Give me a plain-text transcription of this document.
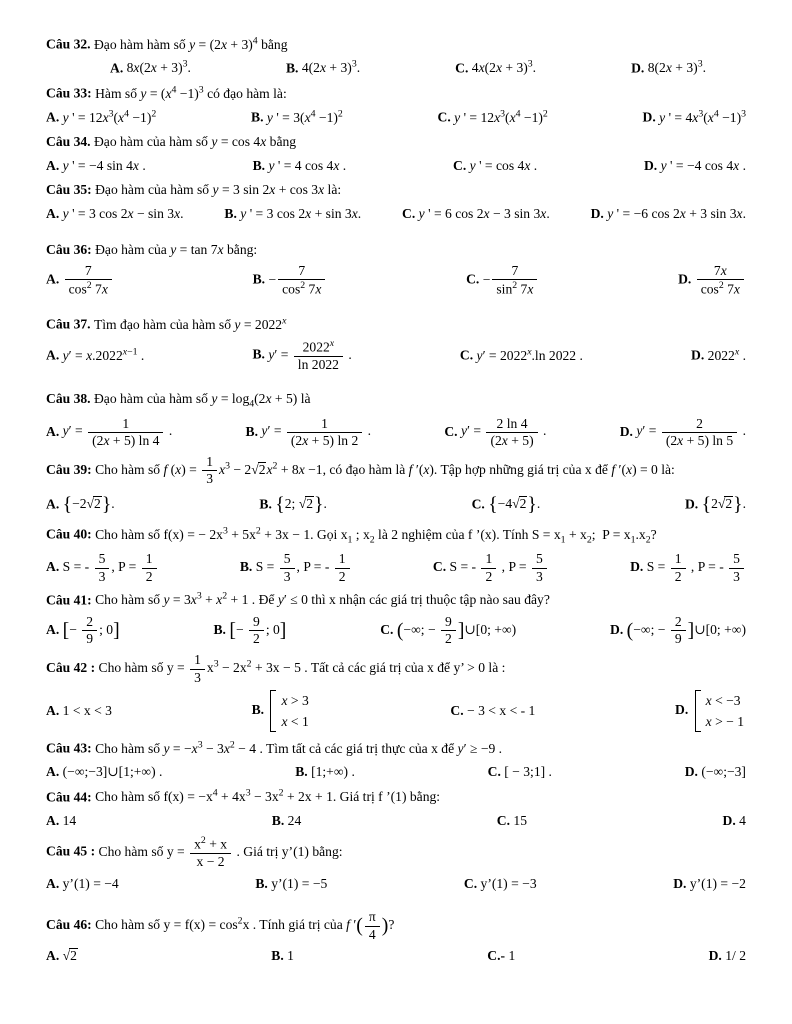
Câu 32. Đạo hàm hàm số $y = (2x + 3)^4$ bằng
A. $8x(2x + 3)^3$.	B. $4(2x + 3)^3$.	C. $4x(2x + 3)^3$.	D. $8(2x + 3)^3$.
Câu 33: Hàm số $y = (x^4 -1)^3$ có đạo hàm là:
A. y ' = $12x^3(x^4 -1)^2$	B. y ' = $3(x^4 -1)^2$	C. y ' = $12x^3(x^4 -1)^2$	D. y ' = $4x^3(x^4 -1)^3$
Câu 34. Đạo hàm của hàm số y = cos 4x bằng
A. y ' = −4 sin 4x .	B. y ' = 4 cos 4x .	C. y ' = cos 4x .	D. y ' = −4 cos 4x .
Câu 35: Đạo hàm của hàm số y = 3 sin 2x + cos 3x là:
A. y ' = 3 cos 2x − sin 3x.	B. y ' = 3 cos 2x + sin 3x.	C. y ' = 6 cos 2x − 3 sin 3x.	D. y ' = −6 cos 2x + 3 sin 3x.
Câu 36: Đạo hàm của y = tan 7x bằng:
A. $\frac{7}{\cos^2 7x}$	B. − $\frac{7}{\cos^2 7x}$	C. − $\frac{7}{\sin^2 7x}$	D. $\frac{7x}{\cos^2 7x}$
Câu 37. Tìm đạo hàm của hàm số $y = 2022^x$
A. $y' = x.2022^{x-1}$ .	B. $y' = \frac{2022^x}{\ln 2022}$ .	C. $y' = 2022^x.\ln$ 2022 .	D. 2022$^x$ .
Câu 38. Đạo hàm của hàm số $y = \log_4(2x + 5)$ là
A. $y' = \frac{1}{(2x + 5) \ln 4}$ .	B. $y' = \frac{1}{(2x + 5) \ln 2}$ .	C. $y' = \frac{2 \ln 4}{(2x + 5)}$ .	D. $y' = \frac{2}{(2x + 5) \ln 5}$ .
Câu 39: Cho hàm số f $(x) = \frac{1}{3} x^3 - 2√2x^2 + 8x -1$, có đạo hàm là f ′(x). Tập hợp những giá trị của x để f ′(x) = 0 là:
A. {−2√2}.	B. {2; √2}.	C. {−4√2}.	D. {2√2}.
Câu 40: Cho hàm số f(x) = − $2x^3 + 5x^2 + 3x - 1$. Gọi $x_1$ ; $x_2$ là 2 nghiệm của f ’(x). Tính $S = x_1 + x_2$;  $P = x_1.x_2$?
A. S = - $\frac{5}{3}$ , $P = \frac{1}{2}$	B. $S = \frac{5}{3}$ , P = - $\frac{1}{2}$	C. S = - $\frac{1}{2}$ , $P = \frac{5}{3}$	D. $S = \frac{1}{2}$ , P = - $\frac{5}{3}$
Câu 41: Cho hàm số $y = 3x^3 + x^2 + 1$ . Để y′ ≤ 0 thì x nhận các giá trị thuộc tập nào sau đây?
A. [− $\frac{2}{9}$ ; 0]	B. [− $\frac{9}{2}$ ; 0]	C. (−∞; − $\frac{9}{2}$ ]∪[0; +∞)	D. (−∞; − $\frac{2}{9}$ ]∪[0; +∞)
Câu 42 : Cho hàm số $y = \frac{1}{3} x^3 - 2x^2 + 3x - 5$ . Tất cả các giá trị của x để y’ > 0 là :
A. 1 < x < 3	B.
x > 3
x < 1
C. − 3 < x < - 1	D.
x < −3
x > − 1
Câu 43: Cho hàm số $y = -x^3 - 3x^2 - 4$ . Tìm tất cả các giá trị thực của x để y′ ≥ −9 .
A. (−∞;−3]∪[1;+∞) .	B. [1;+∞) .	C. [ − 3;1] .	D. (−∞;−3]
Câu 44: Cho hàm số $f(x) = -x^4 + 4x^3 - 3x^2 + 2x + 1$. Giá trị f ’(1) bằng:
A. 14	B. 24	C. 15	D. 4
Câu 45 : Cho hàm số $y = \frac{x^2 + x}{x - 2}$ . Giá trị y’(1) bằng:
A. y’(1) = −4	B. y’(1) = −5	C. y’(1) = −3	D. y’(1) = −2
Câu 46: Cho hàm số $y = f(x) = \cos^2x$ . Tính giá trị của f ′( $\frac{\pi}{4}$ )?
A. √2	B. 1	C.- 1	D. 1/ 2
